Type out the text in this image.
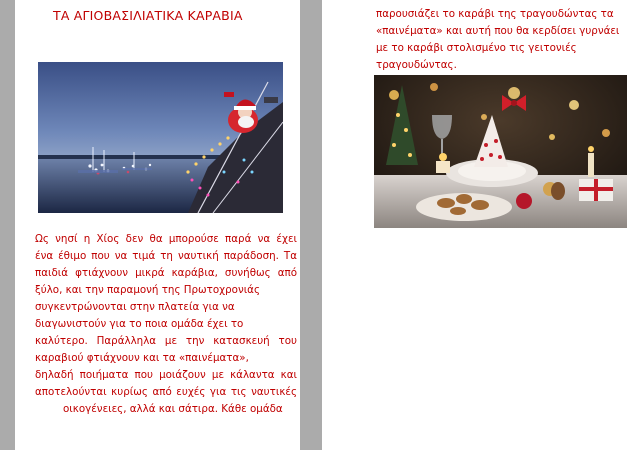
ΤΑ ΑΓΙΟΒΑΣΙΛΙΑΤΙΚΑ ΚΑΡΑΒΙΑ
Ως νησί η Χίος δεν θα μπορούσε παρά να έχει
ένα έθιμο που να τιμά τη ναυτική παράδοση. Τα
παιδιά φτιάχνουν μικρά καράβια, συνήθως από
ξύλο, και την παραμονή της Πρωτοχρονιάς
συγκεντρώνονται στην πλατεία για να
διαγωνιστούν για το ποια ομάδα έχει το
καλύτερο. Παράλληλα με την κατασκευή του
καραβιού φτιάχνουν και τα «παινέματα»,
δηλαδή ποιήματα που μοιάζουν με κάλαντα και
αποτελούνται κυρίως από ευχές για τις ναυτικές
οικογένειες, αλλά και σάτιρα. Κάθε ομάδα
παρουσιάζει το καράβι της τραγουδώντας τα
«παινέματα» και αυτή που θα κερδίσει γυρνάει
με το καράβι στολισμένο τις γειτονιές
τραγουδώντας.
